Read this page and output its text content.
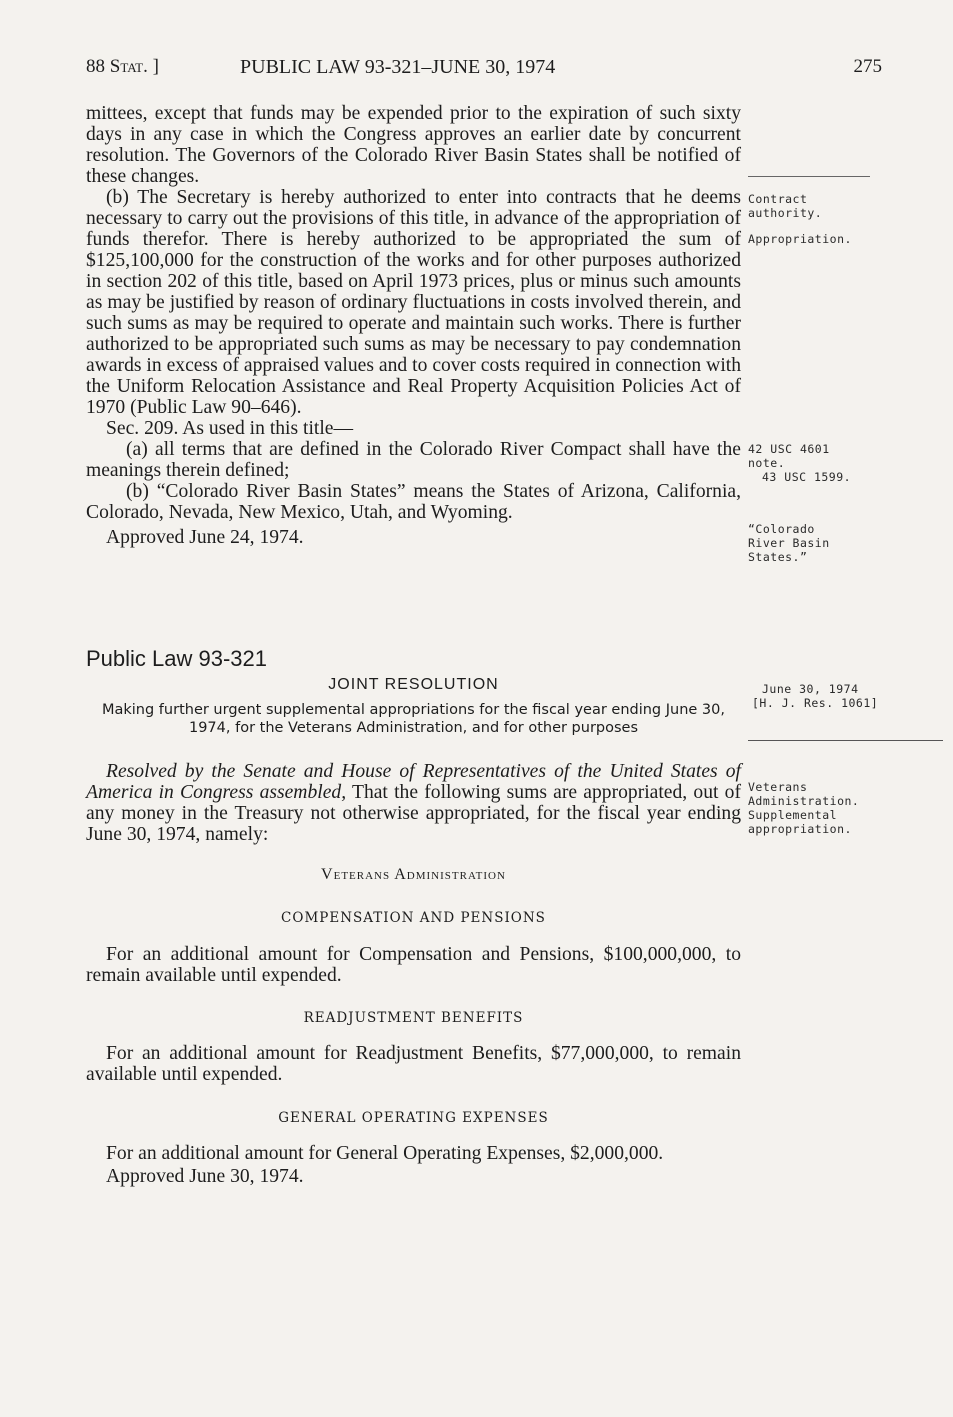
88 Stat. ]	PUBLIC LAW 93-321–JUNE 30, 1974	275

mittees, except that funds may be expended prior to the expiration of such sixty days in any case in which the Congress approves an earlier date by concurrent resolution. The Governors of the Colorado River Basin States shall be notified of these changes.

(b) The Secretary is hereby authorized to enter into contracts that he deems necessary to carry out the provisions of this title, in advance of the appropriation of funds therefor. There is hereby authorized to be appropriated the sum of $125,100,000 for the construction of the works and for other purposes authorized in section 202 of this title, based on April 1973 prices, plus or minus such amounts as may be justified by reason of ordinary fluctuations in costs involved therein, and such sums as may be required to operate and maintain such works. There is further authorized to be appropriated such sums as may be necessary to pay condemnation awards in excess of appraised values and to cover costs required in connection with the Uniform Relocation Assistance and Real Property Acquisition Policies Act of 1970 (Public Law 90–646).

Sec. 209. As used in this title—

(a) all terms that are defined in the Colorado River Compact shall have the meanings therein defined;

(b) “Colorado River Basin States” means the States of Arizona, California, Colorado, Nevada, New Mexico, Utah, and Wyoming.

Approved June 24, 1974.

Contract authority.
Appropriation.
42 USC 4601 note.
43 USC 1599.
“Colorado River Basin States.”
Public Law 93-321
JOINT RESOLUTION
Making further urgent supplemental appropriations for the fiscal year ending June 30, 1974, for the Veterans Administration, and for other purposes
June 30, 1974
[H. J. Res. 1061]

Resolved by the Senate and House of Representatives of the United States of America in Congress assembled, That the following sums are appropriated, out of any money in the Treasury not otherwise appropriated, for the fiscal year ending June 30, 1974, namely:

Veterans Administration. Supplemental appropriation.
Veterans Administration
COMPENSATION AND PENSIONS

For an additional amount for Compensation and Pensions, $100,000,000, to remain available until expended.

READJUSTMENT BENEFITS

For an additional amount for Readjustment Benefits, $77,000,000, to remain available until expended.

GENERAL OPERATING EXPENSES

For an additional amount for General Operating Expenses, $2,000,000.

Approved June 30, 1974.
